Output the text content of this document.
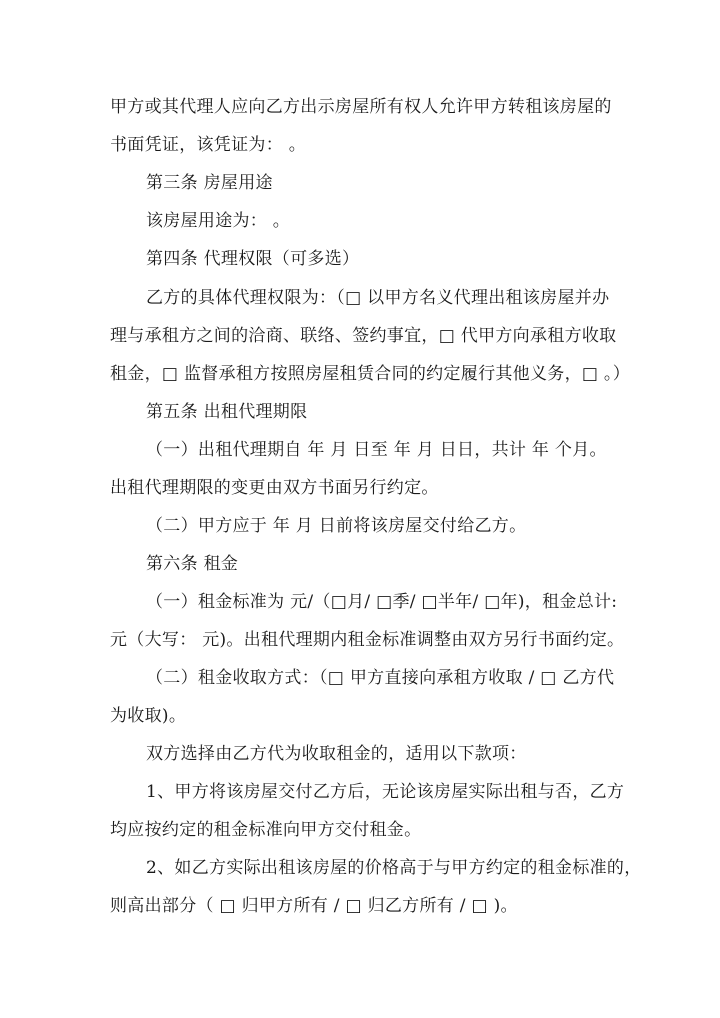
甲方或其代理人应向乙方出示房屋所有权人允许甲方转租该房屋的
书面凭证，该凭证为： 。
第三条 房屋用途
该房屋用途为： 。
第四条 代理权限（可多选）
乙方的具体代理权限为：（□ 以甲方名义代理出租该房屋并办
理与承租方之间的洽商、联络、签约事宜，□ 代甲方向承租方收取
租金，□ 监督承租方按照房屋租赁合同的约定履行其他义务，□ 。）
第五条 出租代理期限
（一）出租代理期自 年 月 日至 年 月 日日，共计 年 个月。
出租代理期限的变更由双方书面另行约定。
（二）甲方应于 年 月 日前将该房屋交付给乙方。
第六条 租金
（一）租金标准为 元/（□月/ □季/ □半年/ □年)，租金总计:
元（大写： 元)。出租代理期内租金标准调整由双方另行书面约定。
（二）租金收取方式：（□ 甲方直接向承租方收取 / □ 乙方代
为收取)。
双方选择由乙方代为收取租金的，适用以下款项：
1、甲方将该房屋交付乙方后，无论该房屋实际出租与否，乙方
均应按约定的租金标准向甲方交付租金。
2、如乙方实际出租该房屋的价格高于与甲方约定的租金标准的，
则高出部分（ □ 归甲方所有 / □ 归乙方所有 / □ )。
